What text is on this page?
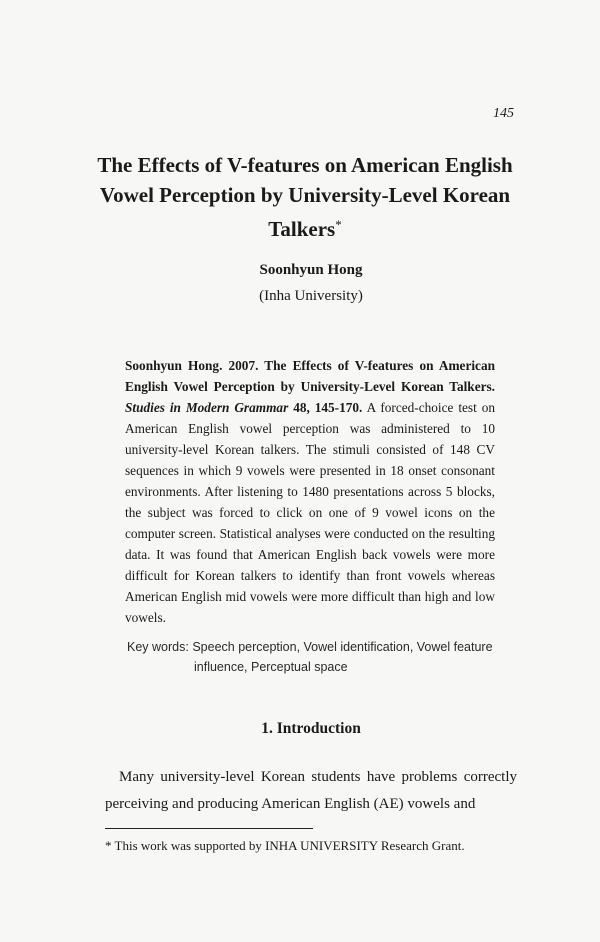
145
The Effects of V-features on American English
Vowel Perception by University-Level Korean
Talkers*
Soonhyun Hong
(Inha University)
Soonhyun Hong. 2007. The Effects of V-features on American English Vowel Perception by University-Level Korean Talkers. Studies in Modern Grammar 48, 145-170. A forced-choice test on American English vowel perception was administered to 10 university-level Korean talkers. The stimuli consisted of 148 CV sequences in which 9 vowels were presented in 18 onset consonant environments. After listening to 1480 presentations across 5 blocks, the subject was forced to click on one of 9 vowel icons on the computer screen. Statistical analyses were conducted on the resulting data. It was found that American English back vowels were more difficult for Korean talkers to identify than front vowels whereas American English mid vowels were more difficult than high and low vowels.
Key words: Speech perception, Vowel identification, Vowel feature
influence, Perceptual space
1. Introduction
Many university-level Korean students have problems correctly perceiving and producing American English (AE) vowels and
* This work was supported by INHA UNIVERSITY Research Grant.
